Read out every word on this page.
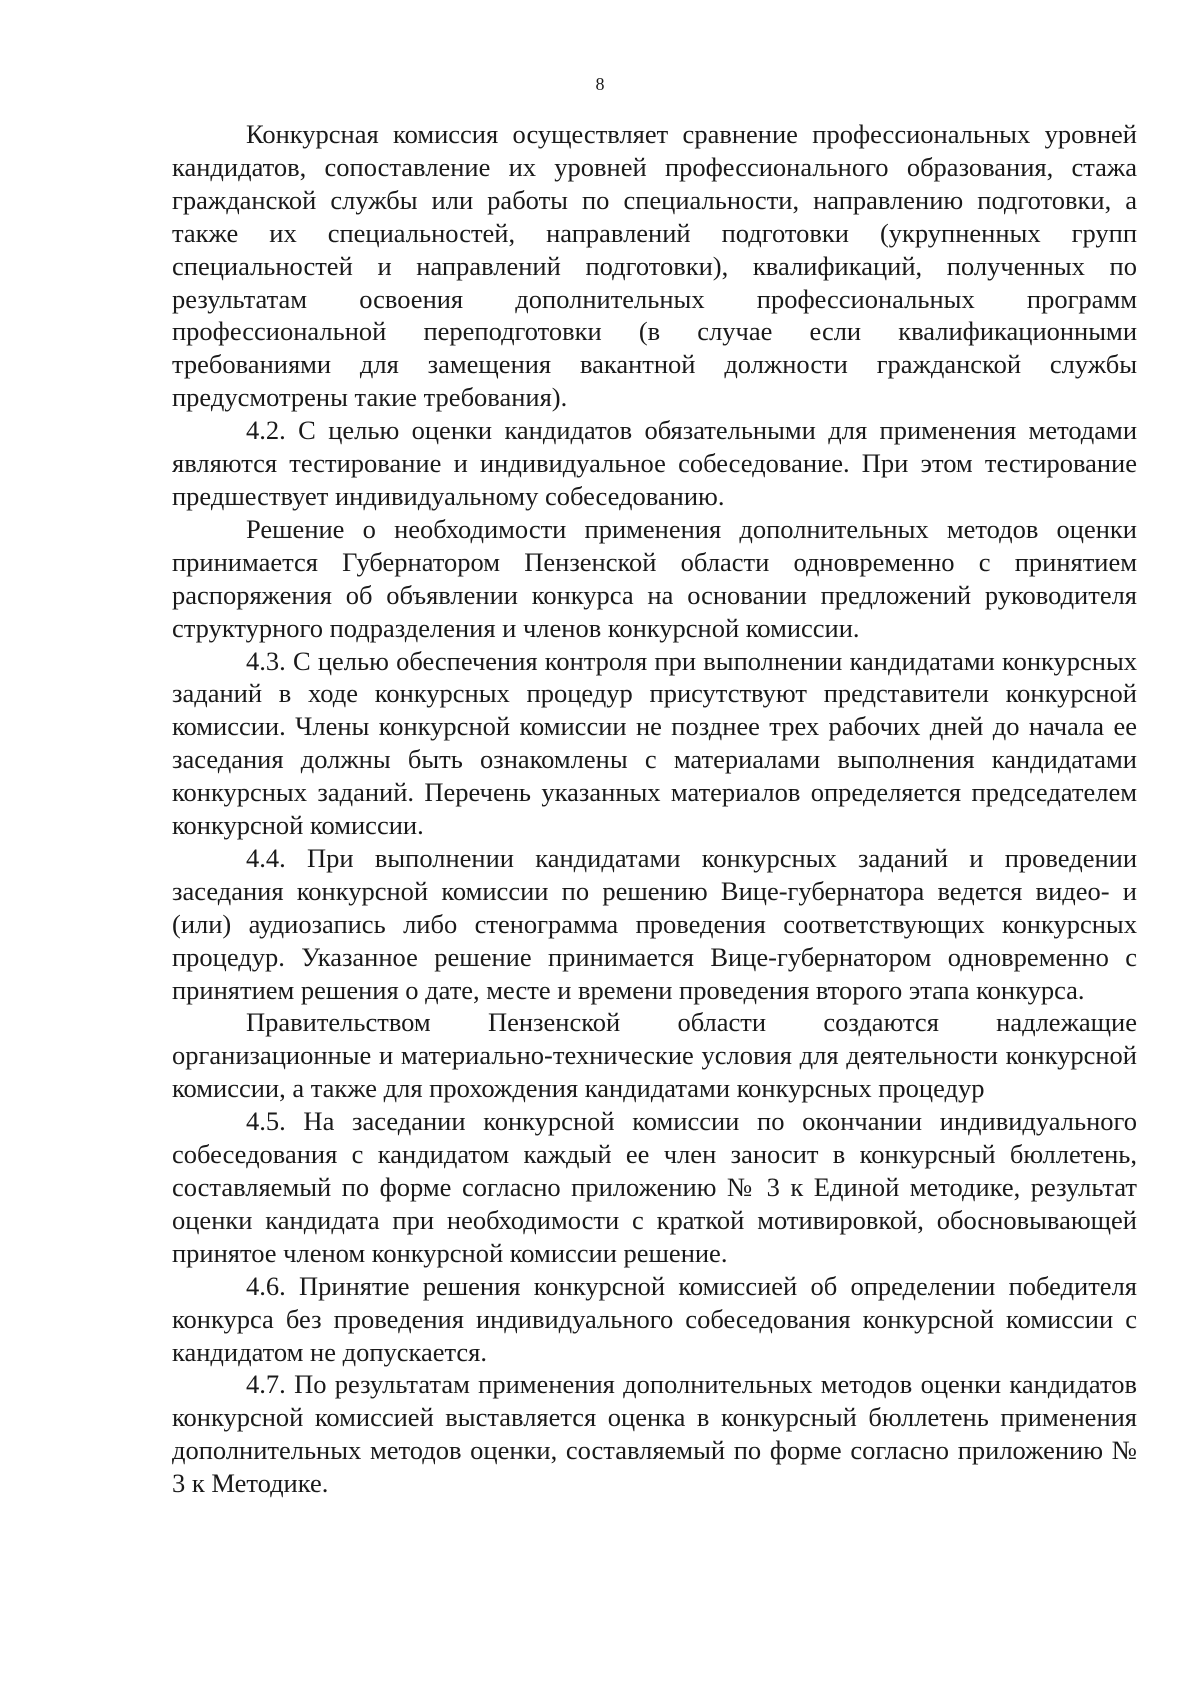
8

Конкурсная комиссия осуществляет сравнение профессиональных уровней кандидатов, сопоставление их уровней профессионального образования, стажа гражданской службы или работы по специальности, направлению подготовки, а также их специальностей, направлений подготовки (укрупненных групп специальностей и направлений подготовки), квалификаций, полученных по результатам освоения дополнительных профессиональных программ профессиональной переподготовки (в случае если квалификационными требованиями для замещения вакантной должности гражданской службы предусмотрены такие требования).

4.2. С целью оценки кандидатов обязательными для применения методами являются тестирование и индивидуальное собеседование. При этом тестирование предшествует индивидуальному собеседованию.

Решение о необходимости применения дополнительных методов оценки принимается Губернатором Пензенской области одновременно с принятием распоряжения об объявлении конкурса на основании предложений руководителя структурного подразделения и членов конкурсной комиссии.

4.3. С целью обеспечения контроля при выполнении кандидатами конкурсных заданий в ходе конкурсных процедур присутствуют представители конкурсной комиссии. Члены конкурсной комиссии не позднее трех рабочих дней до начала ее заседания должны быть ознакомлены с материалами выполнения кандидатами конкурсных заданий. Перечень указанных материалов определяется председателем конкурсной комиссии.

4.4. При выполнении кандидатами конкурсных заданий и проведении заседания конкурсной комиссии по решению Вице-губернатора ведется видео- и (или) аудиозапись либо стенограмма проведения соответствующих конкурсных процедур. Указанное решение принимается Вице-губернатором одновременно с принятием решения о дате, месте и времени проведения второго этапа конкурса.

Правительством Пензенской области создаются надлежащие организационные и материально-технические условия для деятельности конкурсной комиссии, а также для прохождения кандидатами конкурсных процедур

4.5. На заседании конкурсной комиссии по окончании индивидуального собеседования с кандидатом каждый ее член заносит в конкурсный бюллетень, составляемый по форме согласно приложению № 3 к Единой методике, результат оценки кандидата при необходимости с краткой мотивировкой, обосновывающей принятое членом конкурсной комиссии решение.

4.6. Принятие решения конкурсной комиссией об определении победителя конкурса без проведения индивидуального собеседования конкурсной комиссии с кандидатом не допускается.

4.7. По результатам применения дополнительных методов оценки кандидатов конкурсной комиссией выставляется оценка в конкурсный бюллетень применения дополнительных методов оценки, составляемый по форме согласно приложению № 3 к Методике.
